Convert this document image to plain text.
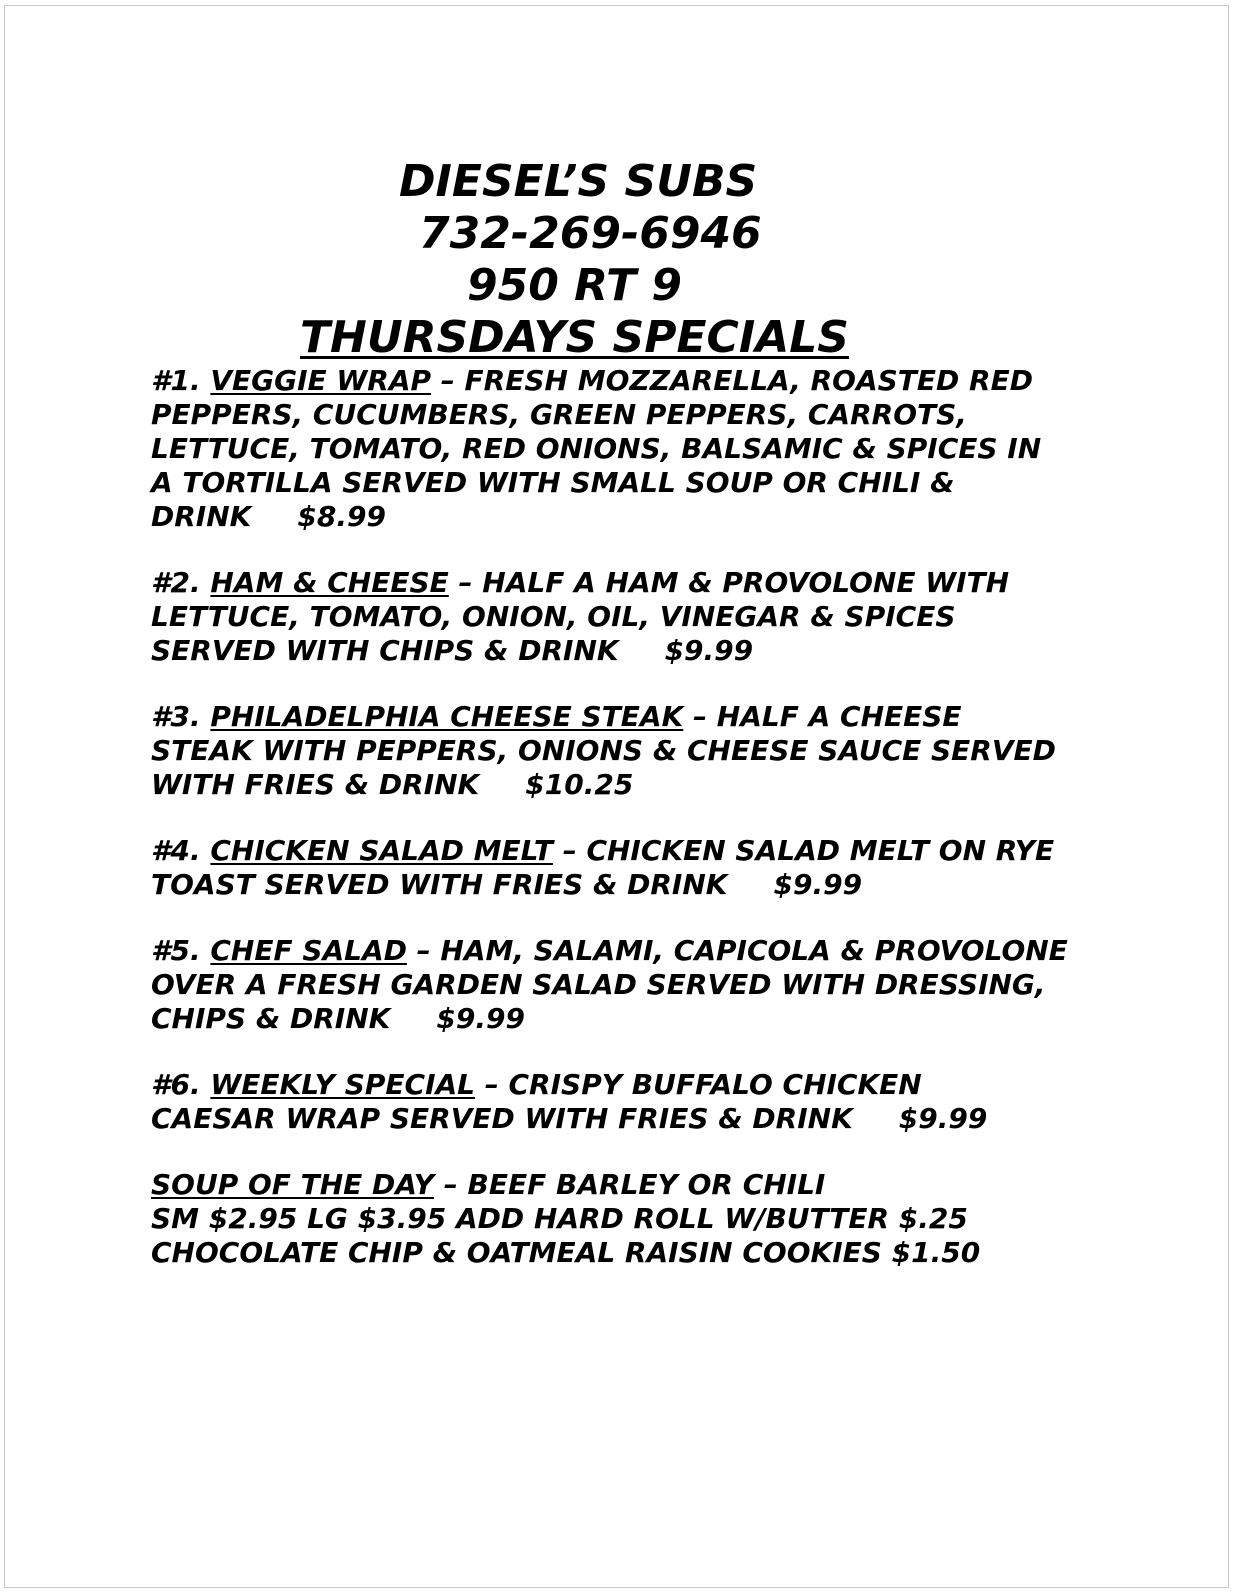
DIESEL’S SUBS
732-269-6946
950 RT 9
THURSDAYS SPECIALS

#1. VEGGIE WRAP – FRESH MOZZARELLA, ROASTED RED

PEPPERS, CUCUMBERS, GREEN PEPPERS, CARROTS,

LETTUCE, TOMATO, RED ONIONS, BALSAMIC & SPICES IN

A TORTILLA SERVED WITH SMALL SOUP OR CHILI &

DRINK $8.99

#2. HAM & CHEESE – HALF A HAM & PROVOLONE WITH

LETTUCE, TOMATO, ONION, OIL, VINEGAR & SPICES

SERVED WITH CHIPS & DRINK $9.99

#3. PHILADELPHIA CHEESE STEAK – HALF A CHEESE

STEAK WITH PEPPERS, ONIONS & CHEESE SAUCE SERVED

WITH FRIES & DRINK $10.25

#4. CHICKEN SALAD MELT – CHICKEN SALAD MELT ON RYE

TOAST SERVED WITH FRIES & DRINK $9.99

#5. CHEF SALAD – HAM, SALAMI, CAPICOLA & PROVOLONE

OVER A FRESH GARDEN SALAD SERVED WITH DRESSING,

CHIPS & DRINK $9.99

#6. WEEKLY SPECIAL – CRISPY BUFFALO CHICKEN

CAESAR WRAP SERVED WITH FRIES & DRINK $9.99

SOUP OF THE DAY – BEEF BARLEY OR CHILI

SM $2.95 LG $3.95 ADD HARD ROLL W/BUTTER $.25

CHOCOLATE CHIP & OATMEAL RAISIN COOKIES $1.50
